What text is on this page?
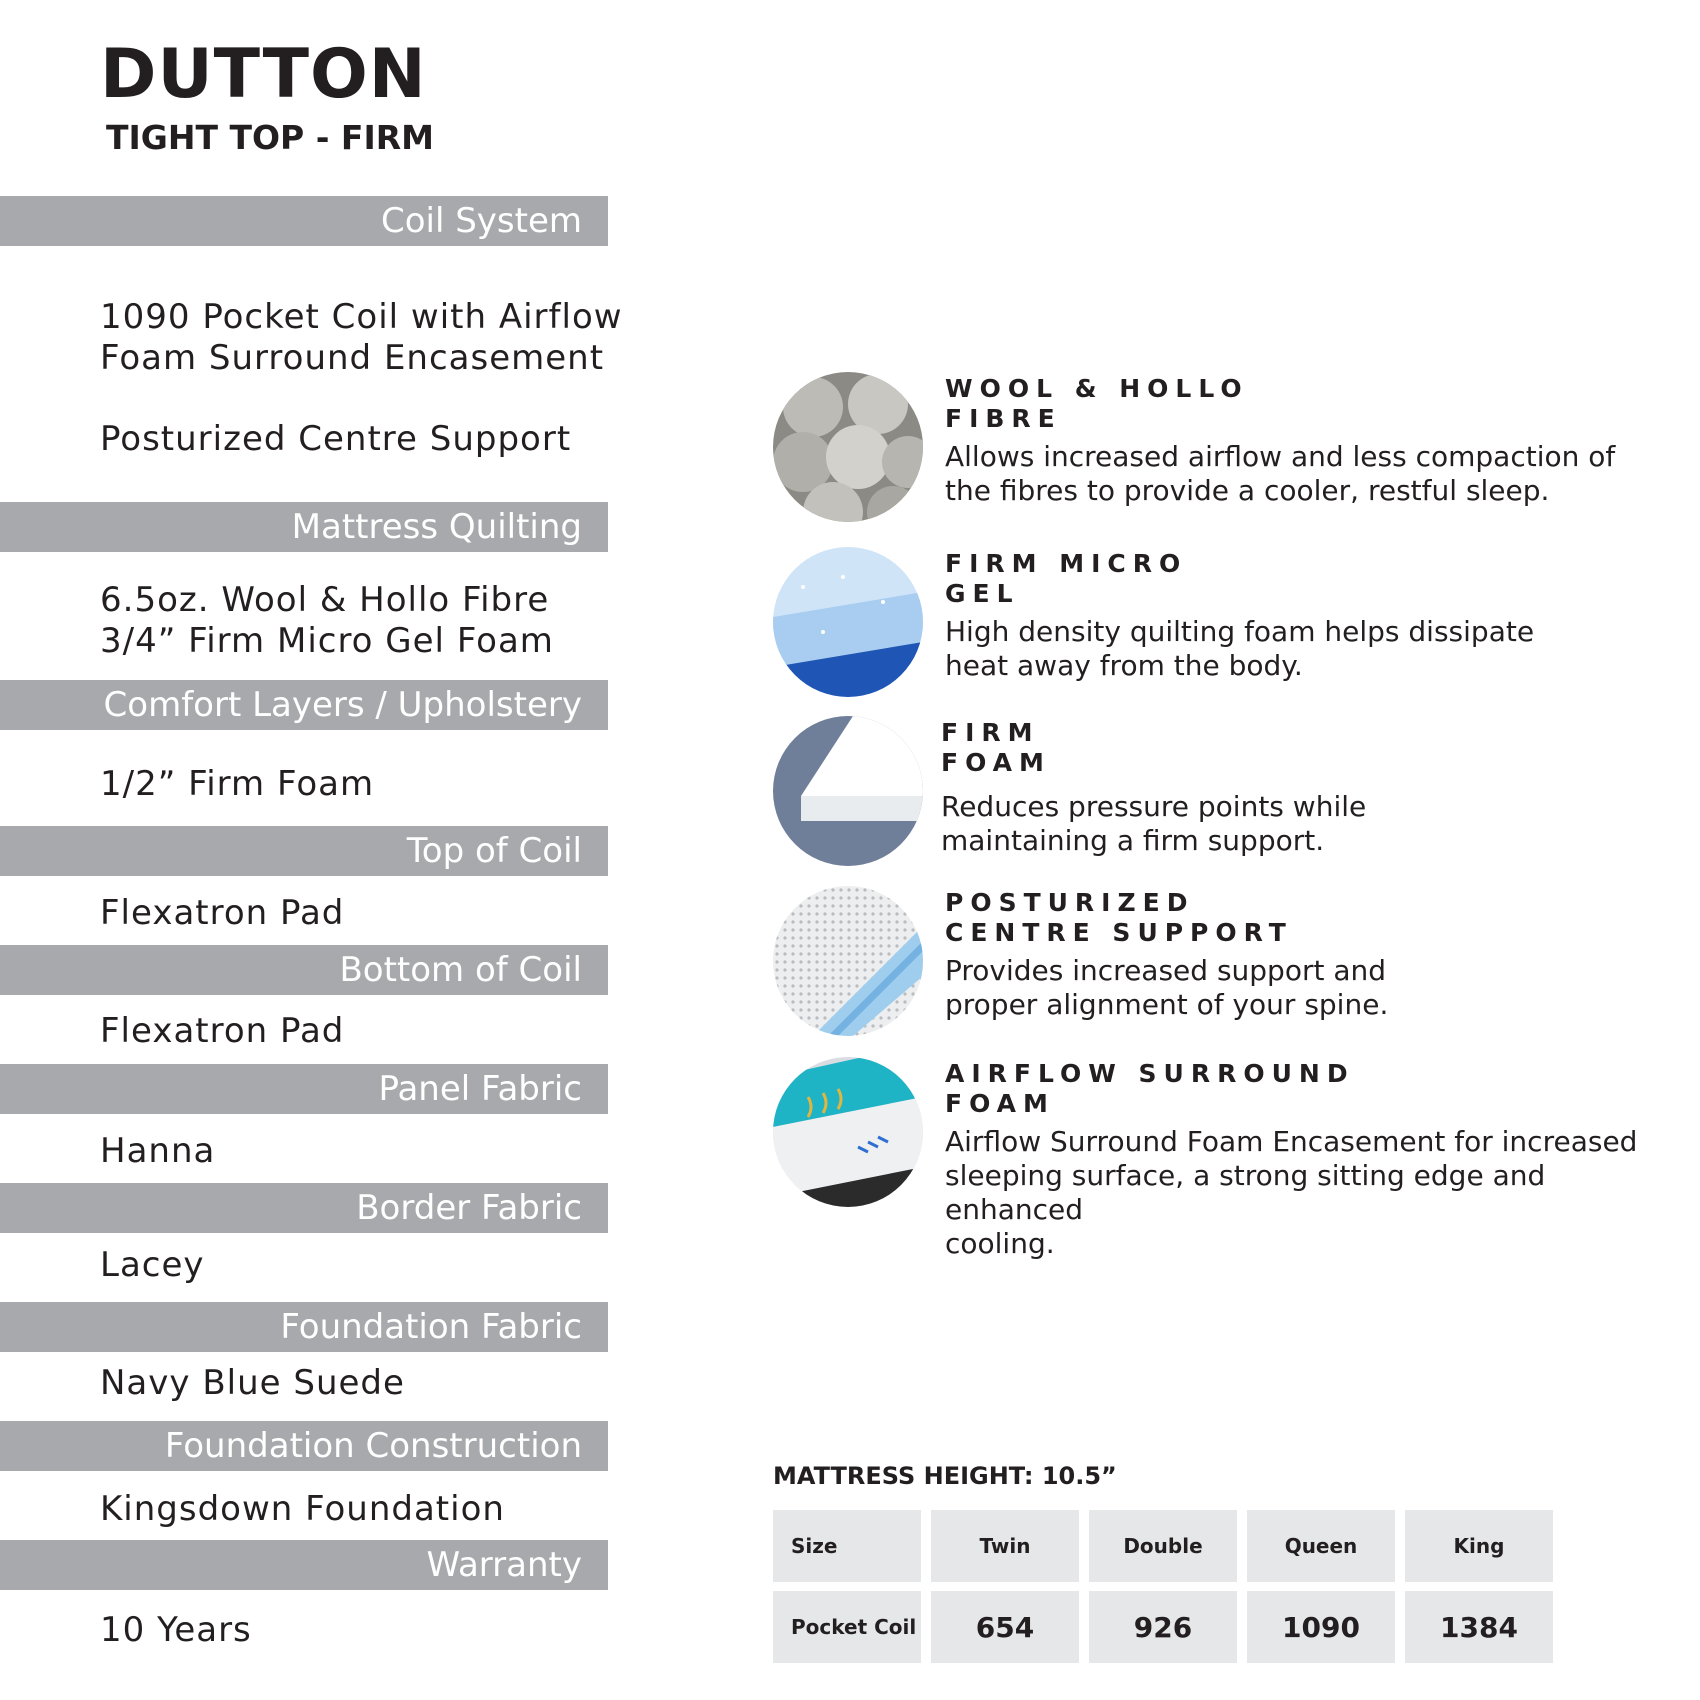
DUTTON
TIGHT TOP - FIRM
Coil System
1090 Pocket Coil with Airflow
Foam Surround Encasement
Posturized Centre Support
Mattress Quilting
6.5oz. Wool & Hollo Fibre
3/4” Firm Micro Gel Foam
Comfort Layers / Upholstery
1/2” Firm Foam
Top of Coil
Flexatron Pad
Bottom of Coil
Flexatron Pad
Panel Fabric
Hanna
Border Fabric
Lacey
Foundation Fabric
Navy Blue Suede
Foundation Construction
Kingsdown Foundation
Warranty
10 Years
WOOL & HOLLO
FIBRE
Allows increased airflow and less compaction of
the fibres to provide a cooler, restful sleep.
FIRM MICRO
GEL
High density quilting foam helps dissipate
heat away from the body.
FIRM
FOAM
Reduces pressure points while
maintaining a firm support.
POSTURIZED
CENTRE SUPPORT
Provides increased support and
proper alignment of your spine.
AIRFLOW SURROUND
FOAM
Airflow Surround Foam Encasement for increased
sleeping surface, a strong sitting edge and enhanced
cooling.
MATTRESS HEIGHT: 10.5”
Size	Twin	Double	Queen	King
Pocket Coil	654	926	1090	1384
